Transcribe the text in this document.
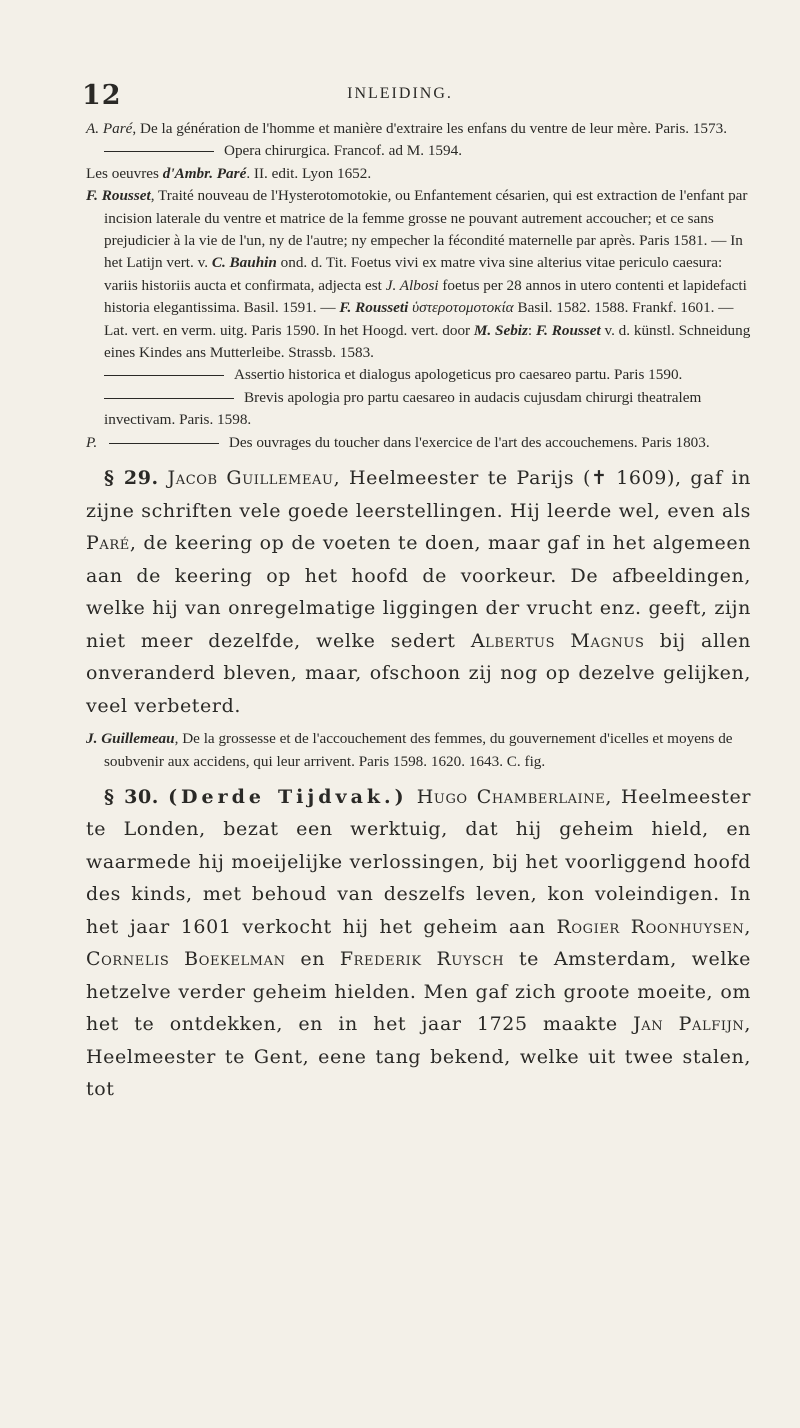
12	INLEIDING.

A. Paré, De la génération de l'homme et manière d'extraire les enfans du ventre de leur mère. Paris. 1573.

Opera chirurgica. Francof. ad M. 1594.

Les oeuvres d'Ambr. Paré. II. edit. Lyon 1652.

F. Rousset, Traité nouveau de l'Hysterotomotokie, ou Enfantement césarien, qui est extraction de l'enfant par incision laterale du ventre et matrice de la femme grosse ne pouvant autrement accoucher; et ce sans prejudicier à la vie de l'un, ny de l'autre; ny empecher la fécondité maternelle par après. Paris 1581. — In het Latijn vert. v. C. Bauhin ond. d. Tit. Foetus vivi ex matre viva sine alterius vitae periculo caesura: variis historiis aucta et confirmata, adjecta est J. Albosi foetus per 28 annos in utero contenti et lapidefacti historia elegantissima. Basil. 1591. — F. Rousseti ὑστεροτομοτοκία Basil. 1582. 1588. Frankf. 1601. — Lat. vert. en verm. uitg. Paris 1590. In het Hoogd. vert. door M. Sebiz: F. Rousset v. d. künstl. Schneidung eines Kindes ans Mutterleibe. Strassb. 1583.

Assertio historica et dialogus apologeticus pro caesareo partu. Paris 1590.

Brevis apologia pro partu caesareo in audacis cujusdam chirurgi theatralem invectivam. Paris. 1598.

P.	Des ouvrages du toucher dans l'exercice de l'art des accouchemens. Paris 1803.

§ 29. Jacob Guillemeau, Heelmeester te Parijs (✝ 1609), gaf in zijne schriften vele goede leerstellingen. Hij leerde wel, even als Paré, de keering op de voeten te doen, maar gaf in het algemeen aan de keering op het hoofd de voorkeur. De afbeeldingen, welke hij van onregelmatige liggingen der vrucht enz. geeft, zijn niet meer dezelfde, welke sedert Albertus Magnus bij allen onveranderd bleven, maar, ofschoon zij nog op dezelve gelijken, veel verbeterd.

J. Guillemeau, De la grossesse et de l'accouchement des femmes, du gouvernement d'icelles et moyens de soubvenir aux accidens, qui leur arrivent. Paris 1598. 1620. 1643. C. fig.

§ 30. (Derde Tijdvak.) Hugo Chamberlaine, Heelmeester te Londen, bezat een werktuig, dat hij geheim hield, en waarmede hij moeijelijke verlossingen, bij het voorliggend hoofd des kinds, met behoud van deszelfs leven, kon voleindigen. In het jaar 1601 verkocht hij het geheim aan Rogier Roonhuysen, Cornelis Boekelman en Frederik Ruysch te Amsterdam, welke hetzelve verder geheim hielden. Men gaf zich groote moeite, om het te ontdekken, en in het jaar 1725 maakte Jan Palfijn, Heelmeester te Gent, eene tang bekend, welke uit twee stalen, tot
